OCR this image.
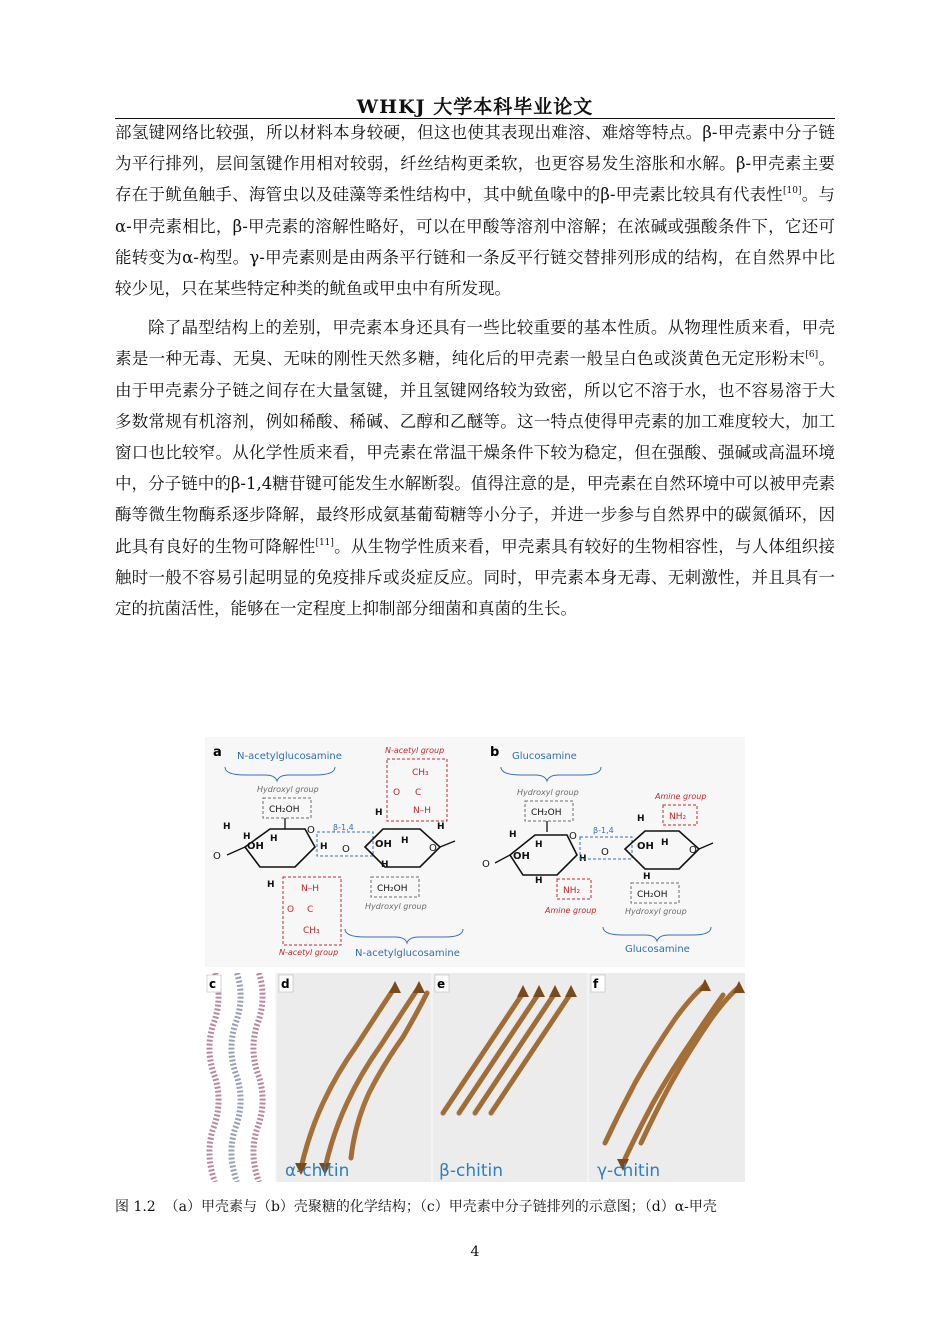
WHKJ 大学本科毕业论文

部氢键网络比较强，所以材料本身较硬，但这也使其表现出难溶、难熔等特点。β-甲壳素中分子链为平行排列，层间氢键作用相对较弱，纤丝结构更柔软，也更容易发生溶胀和水解。β-甲壳素主要存在于鱿鱼触手、海管虫以及硅藻等柔性结构中，其中鱿鱼喙中的β-甲壳素比较具有代表性[10]。与α-甲壳素相比，β-甲壳素的溶解性略好，可以在甲酸等溶剂中溶解；在浓碱或强酸条件下，它还可能转变为α-构型。γ-甲壳素则是由两条平行链和一条反平行链交替排列形成的结构，在自然界中比较少见，只在某些特定种类的鱿鱼或甲虫中有所发现。

除了晶型结构上的差别，甲壳素本身还具有一些比较重要的基本性质。从物理性质来看，甲壳素是一种无毒、无臭、无味的刚性天然多糖，纯化后的甲壳素一般呈白色或淡黄色无定形粉末[6]。由于甲壳素分子链之间存在大量氢键，并且氢键网络较为致密，所以它不溶于水，也不容易溶于大多数常规有机溶剂，例如稀酸、稀碱、乙醇和乙醚等。这一特点使得甲壳素的加工难度较大，加工窗口也比较窄。从化学性质来看，甲壳素在常温干燥条件下较为稳定，但在强酸、强碱或高温环境中，分子链中的β-1,4糖苷键可能发生水解断裂。值得注意的是，甲壳素在自然环境中可以被甲壳素酶等微生物酶系逐步降解，最终形成氨基葡萄糖等小分子，并进一步参与自然界中的碳氮循环，因此具有良好的生物可降解性[11]。从生物学性质来看，甲壳素具有较好的生物相容性，与人体组织接触时一般不容易引起明显的免疫排斥或炎症反应。同时，甲壳素本身无毒、无刺激性，并且具有一定的抗菌活性，能够在一定程度上抑制部分细菌和真菌的生长。

a N-acetylglucosamine
Hydroxyl group
CH₂OH
O
OH
H
H H
H
H
O
β-1,4
O	O
OH
H
H
H
H
N-acetyl group
CH₃
C
O
N–H
N–H
O C
CH₃
N-acetyl group
CH₂OH
Hydroxyl group
N-acetylglucosamine
b Glucosamine
Hydroxyl group
CH₂OH
O
OH
H
H
H
H
O
β-1,4
O	O
OH
H
H
H
Amine group
NH₂
NH₂
Amine group
CH₂OH
Hydroxyl group
Glucosamine
c	d
α-chitin
e
β-chitin
f
γ-chitin
图 1.2  （a）甲壳素与（b）壳聚糖的化学结构；（c）甲壳素中分子链排列的示意图；（d）α-甲壳
4
